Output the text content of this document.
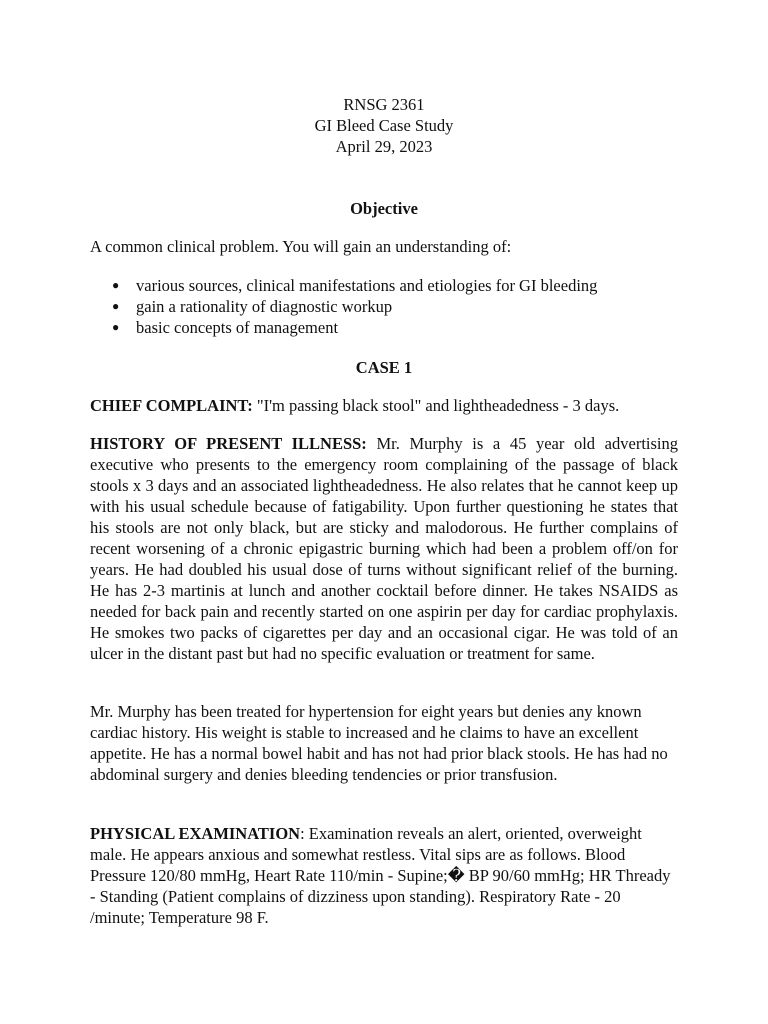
RNSG 2361
GI Bleed Case Study
April 29, 2023
Objective
A common clinical problem. You will gain an understanding of:
● various sources, clinical manifestations and etiologies for GI bleeding
● gain a rationality of diagnostic workup
● basic concepts of management
CASE 1
CHIEF COMPLAINT: "I'm passing black stool" and lightheadedness - 3 days.
HISTORY OF PRESENT ILLNESS: Mr. Murphy is a 45 year old advertising executive who presents to the emergency room complaining of the passage of black stools x 3 days and an associated lightheadedness. He also relates that he cannot keep up with his usual schedule because of fatigability. Upon further questioning he states that his stools are not only black, but are sticky and malodorous. He further complains of recent worsening of a chronic epigastric burning which had been a problem off/on for years. He had doubled his usual dose of turns without significant relief of the burning. He has 2-3 martinis at lunch and another cocktail before dinner. He takes NSAIDS as needed for back pain and recently started on one aspirin per day for cardiac prophylaxis. He smokes two packs of cigarettes per day and an occasional cigar. He was told of an ulcer in the distant past but had no specific evaluation or treatment for same.
Mr. Murphy has been treated for hypertension for eight years but denies any known cardiac history. His weight is stable to increased and he claims to have an excellent appetite. He has a normal bowel habit and has not had prior black stools. He has had no abdominal surgery and denies bleeding tendencies or prior transfusion.
PHYSICAL EXAMINATION: Examination reveals an alert, oriented, overweight male. He appears anxious and somewhat restless. Vital sips are as follows. Blood Pressure 120/80 mmHg, Heart Rate 110/min - Supine;� BP 90/60 mmHg; HR Thready - Standing (Patient complains of dizziness upon standing). Respiratory Rate - 20 /minute; Temperature 98 F.
